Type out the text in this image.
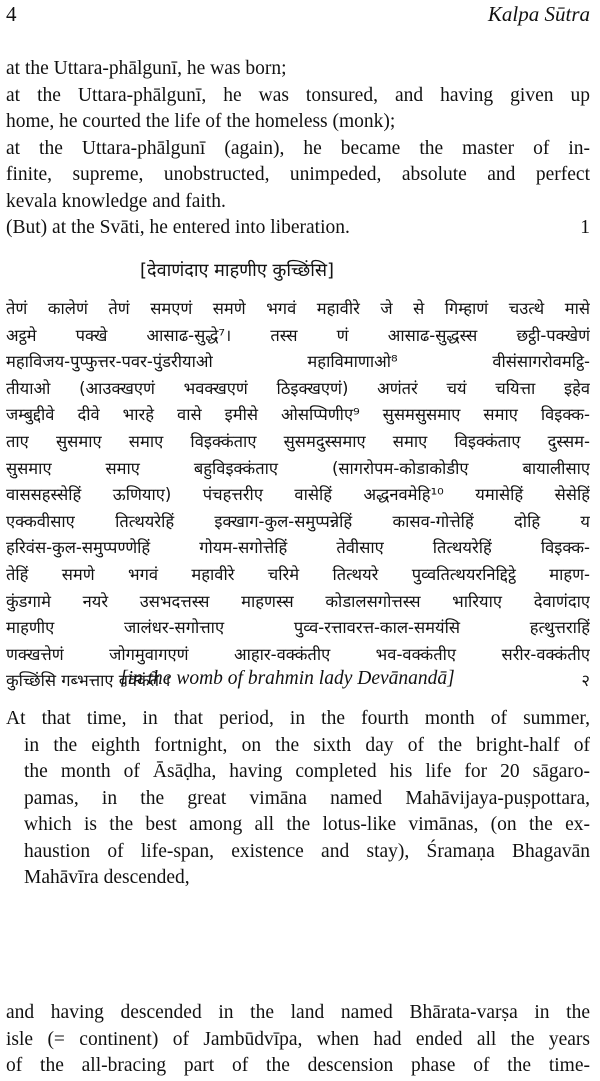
4	Kalpa Sūtra
at the Uttara-phālgunī, he was born;
at the Uttara-phālgunī, he was tonsured, and having given up
home, he courted the life of the homeless (monk);
at the Uttara-phālgunī (again), he became the master of in-
finite, supreme, unobstructed, unimpeded, absolute and perfect
kevala knowledge and faith.
(But) at the Svāti, he entered into liberation.	1
[देवाणंदाए माहणीए कुच्छिंसि]
तेणं कालेणं तेणं समएणं समणे भगवं महावीरे जे से गिम्हाणं चउत्थे मासे
अट्ठमे पक्खे आसाढ-सुद्धे⁷। तस्स णं आसाढ-सुद्धस्स छट्ठी-पक्खेणं
महाविजय-पुप्फुत्तर-पवर-पुंडरीयाओ महाविमाणाओ⁸ वीसंसागरोवमट्ठि-
तीयाओ (आउक्खएणं भवक्खएणं ठिइक्खएणं) अणंतरं चयं चयित्ता इहेव
जम्बुद्दीवे दीवे भारहे वासे इमीसे ओसप्पिणीए⁹ सुसमसुसमाए समाए विइक्क-
ताए सुसमाए समाए विइक्कंताए सुसमदुस्समाए समाए विइक्कंताए दुस्सम-
सुसमाए समाए बहुविइक्कंताए (सागरोपम-कोडाकोडीए बायालीसाए
वाससहस्सेहिं ऊणियाए) पंचहत्तरीए वासेहिं अद्धनवमेहि¹⁰ यमासेहिं सेसेहिं
एक्कवीसाए तित्थयरेहिं इक्खाग-कुल-समुप्पन्नेहिं कासव-गोत्तेहिं दोहि य
हरिवंस-कुल-समुप्पण्णेहिं गोयम-सगोत्तेहिं तेवीसाए तित्थयरेहिं विइक्क-
तेहिं समणे भगवं महावीरे चरिमे तित्थयरे पुव्वतित्थयरनिद्दिट्ठे माहण-
कुंडगामे नयरे उसभदत्तस्स माहणस्स कोडालसगोत्तस्स भारियाए देवाणंदाए
माहणीए जालंधर-सगोत्ताए पुव्व-रत्तावरत्त-काल-समयंसि हत्थुत्तराहिं
णक्खत्तेणं जोगमुवागएणं आहार-वक्कंतीए भव-वक्कंतीए सरीर-वक्कंतीए
कुच्छिंसि गब्भत्ताए वक्कंते ।	२
[in the womb of brahmin lady Devānandā]
At that time, in that period, in the fourth month of summer,
in the eighth fortnight, on the sixth day of the bright-half of
the month of Āsāḍha, having completed his life for 20 sāgaro-
pamas, in the great vimāna named Mahāvijaya-puṣpottara,
which is the best among all the lotus-like vimānas, (on the ex-
haustion of life-span, existence and stay), Śramaṇa Bhagavān
Mahāvīra descended,
and having descended in the land named Bhārata-varṣa in the
isle (= continent) of Jambūdvīpa, when had ended all the years
of the all-bracing part of the descension phase of the time-
